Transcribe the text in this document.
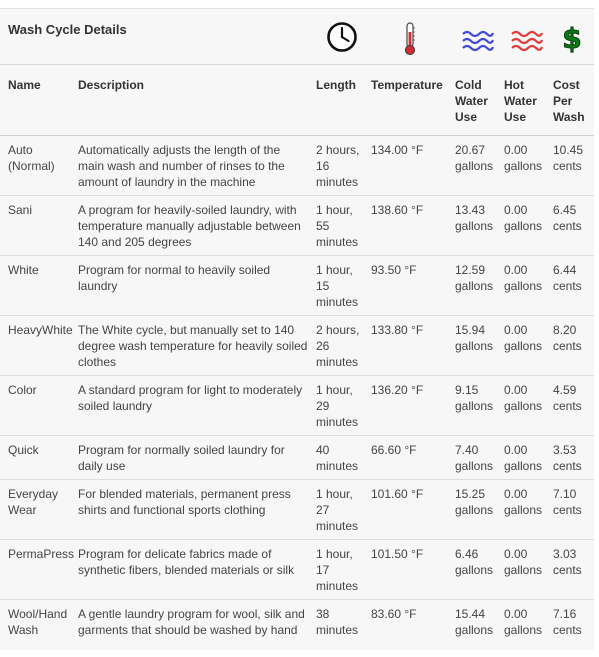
Wash Cycle Details	$
Name	Description	Length	Temperature	Cold Water Use	Hot Water Use	Cost Per Wash
Auto (Normal)	Automatically adjusts the length of the main wash and number of rinses to the amount of laundry in the machine	2 hours, 16 minutes	134.00 °F	20.67 gallons	0.00 gallons	10.45 cents
Sani	A program for heavily-soiled laundry, with temperature manually adjustable between 140 and 205 degrees	1 hour, 55 minutes	138.60 °F	13.43 gallons	0.00 gallons	6.45 cents
White	Program for normal to heavily soiled laundry	1 hour, 15 minutes	93.50 °F	12.59 gallons	0.00 gallons	6.44 cents
HeavyWhite	The White cycle, but manually set to 140 degree wash temperature for heavily soiled clothes	2 hours, 26 minutes	133.80 °F	15.94 gallons	0.00 gallons	8.20 cents
Color	A standard program for light to moderately soiled laundry	1 hour, 29 minutes	136.20 °F	9.15 gallons	0.00 gallons	4.59 cents
Quick	Program for normally soiled laundry for daily use	40 minutes	66.60 °F	7.40 gallons	0.00 gallons	3.53 cents
Everyday Wear	For blended materials, permanent press shirts and functional sports clothing	1 hour, 27 minutes	101.60 °F	15.25 gallons	0.00 gallons	7.10 cents
PermaPress	Program for delicate fabrics made of synthetic fibers, blended materials or silk	1 hour, 17 minutes	101.50 °F	6.46 gallons	0.00 gallons	3.03 cents
Wool/Hand Wash	A gentle laundry program for wool, silk and garments that should be washed by hand	38 minutes	83.60 °F	15.44 gallons	0.00 gallons	7.16 cents
